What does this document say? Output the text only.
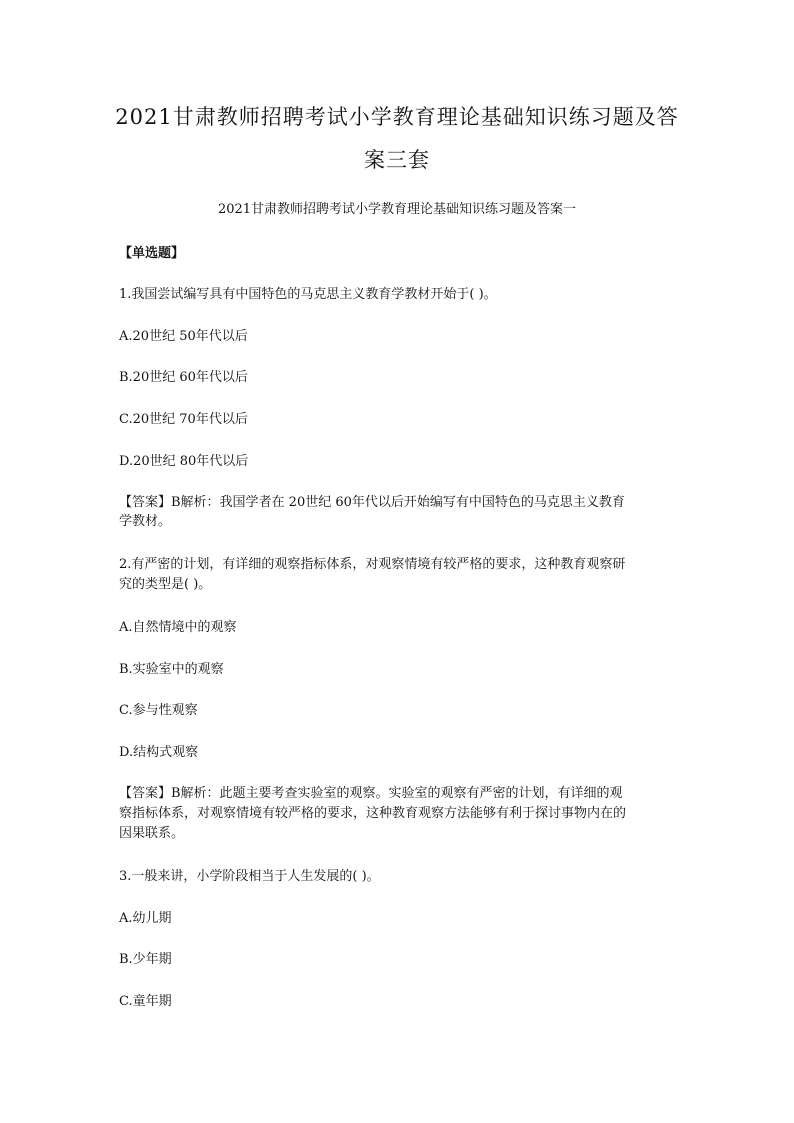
2021甘肃教师招聘考试小学教育理论基础知识练习题及答
案三套
2021甘肃教师招聘考试小学教育理论基础知识练习题及答案一
【单选题】
1.我国尝试编写具有中国特色的马克思主义教育学教材开始于( )。
A.20世纪 50年代以后
B.20世纪 60年代以后
C.20世纪 70年代以后
D.20世纪 80年代以后
【答案】B解析：我国学者在 20世纪 60年代以后开始编写有中国特色的马克思主义教育
学教材。
2.有严密的计划，有详细的观察指标体系，对观察情境有较严格的要求，这种教育观察研
究的类型是( )。
A.自然情境中的观察
B.实验室中的观察
C.参与性观察
D.结构式观察
【答案】B解析：此题主要考查实验室的观察。实验室的观察有严密的计划，有详细的观
察指标体系，对观察情境有较严格的要求，这种教育观察方法能够有利于探讨事物内在的
因果联系。
3.一般来讲，小学阶段相当于人生发展的( )。
A.幼儿期
B.少年期
C.童年期
